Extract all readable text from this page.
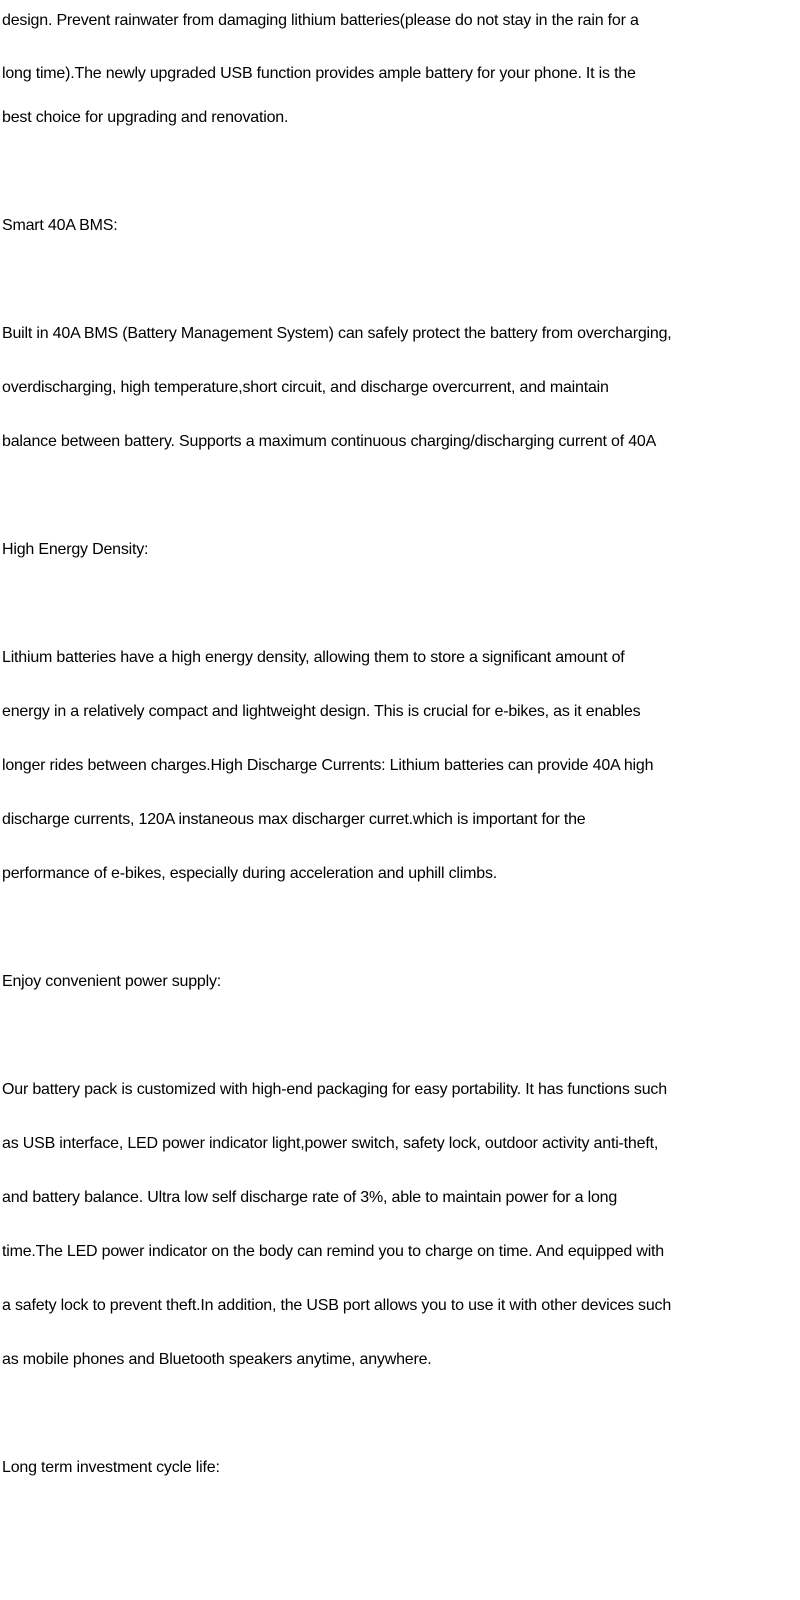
design. Prevent rainwater from damaging lithium batteries(please do not stay in the rain for a

long time).The newly upgraded USB function provides ample battery for your phone. It is the

best choice for upgrading and renovation.

Smart 40A BMS:

Built in 40A BMS (Battery Management System) can safely protect the battery from overcharging,

overdischarging, high temperature,short circuit, and discharge overcurrent, and maintain

balance between battery. Supports a maximum continuous charging/discharging current of 40A

High Energy Density:

Lithium batteries have a high energy density, allowing them to store a significant amount of

energy in a relatively compact and lightweight design. This is crucial for e-bikes, as it enables

longer rides between charges.High Discharge Currents: Lithium batteries can provide 40A high

discharge currents, 120A instaneous max discharger curret.which is important for the

performance of e-bikes, especially during acceleration and uphill climbs.

Enjoy convenient power supply:

Our battery pack is customized with high-end packaging for easy portability. It has functions such

as USB interface, LED power indicator light,power switch, safety lock, outdoor activity anti-theft,

and battery balance. Ultra low self discharge rate of 3%, able to maintain power for a long

time.The LED power indicator on the body can remind you to charge on time. And equipped with

a safety lock to prevent theft.In addition, the USB port allows you to use it with other devices such

as mobile phones and Bluetooth speakers anytime, anywhere.

Long term investment cycle life:
